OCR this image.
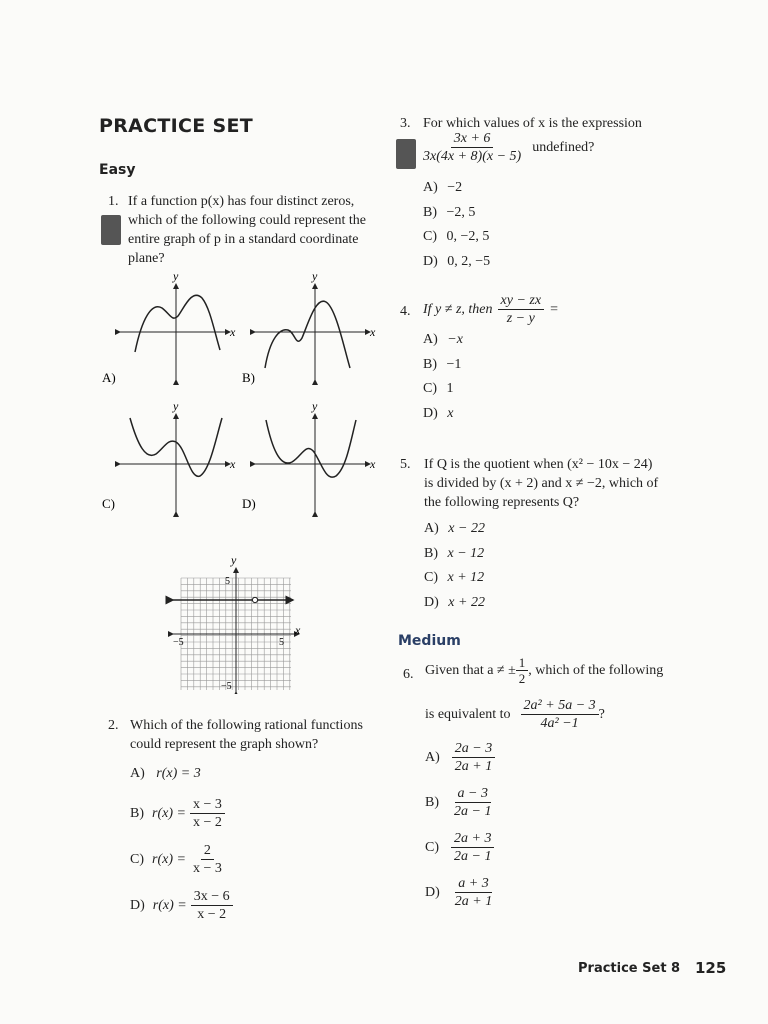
PRACTICE SET
Easy
1. If a function p(x) has four distinct zeros,
which of the following could represent the
entire graph of p in a standard coordinate
plane?
y
x
A)
y
x
B)
y
x
C)
y
x
D)
y
x
5
5
−5
−5
2. Which of the following rational functions
could represent the graph shown?
A) r(x) = 3
B) $r(x) = \frac{x - 3}{x - 2}$
C) $r(x) = \frac{2}{x - 3}$
D) $r(x) = \frac{3x - 6}{x - 2}$
3. For which values of x is the expression
$\frac{3x + 6}{3x(4x + 8)(x - 5)}$ undefined?
A) −2
B) −2, 5
C) 0, −2, 5
D) 0, 2, −5
4. If y ≠ z, then $\frac{xy - zx}{z - y}$ =
A) −x
B) −1
C) 1
D) x
5. If Q is the quotient when (x² − 10x − 24)
is divided by (x + 2) and x ≠ −2, which of
the following represents Q?
A) x − 22
B) x − 12
C) x + 12
D) x + 22
Medium
6. Given that a ≠ ± $\frac{1}{2}$ , which of the following
is equivalent to $\frac{\text{2a² + 5a − 3}}{\text{4a² −1}}$ ?
$A) \frac{2a - 3}{2a + 1}$
$B) \frac{a - 3}{2a - 1}$
$C) \frac{2a + 3}{2a - 1}$
$D) \frac{a + 3}{2a + 1}$
Practice Set 8 125
